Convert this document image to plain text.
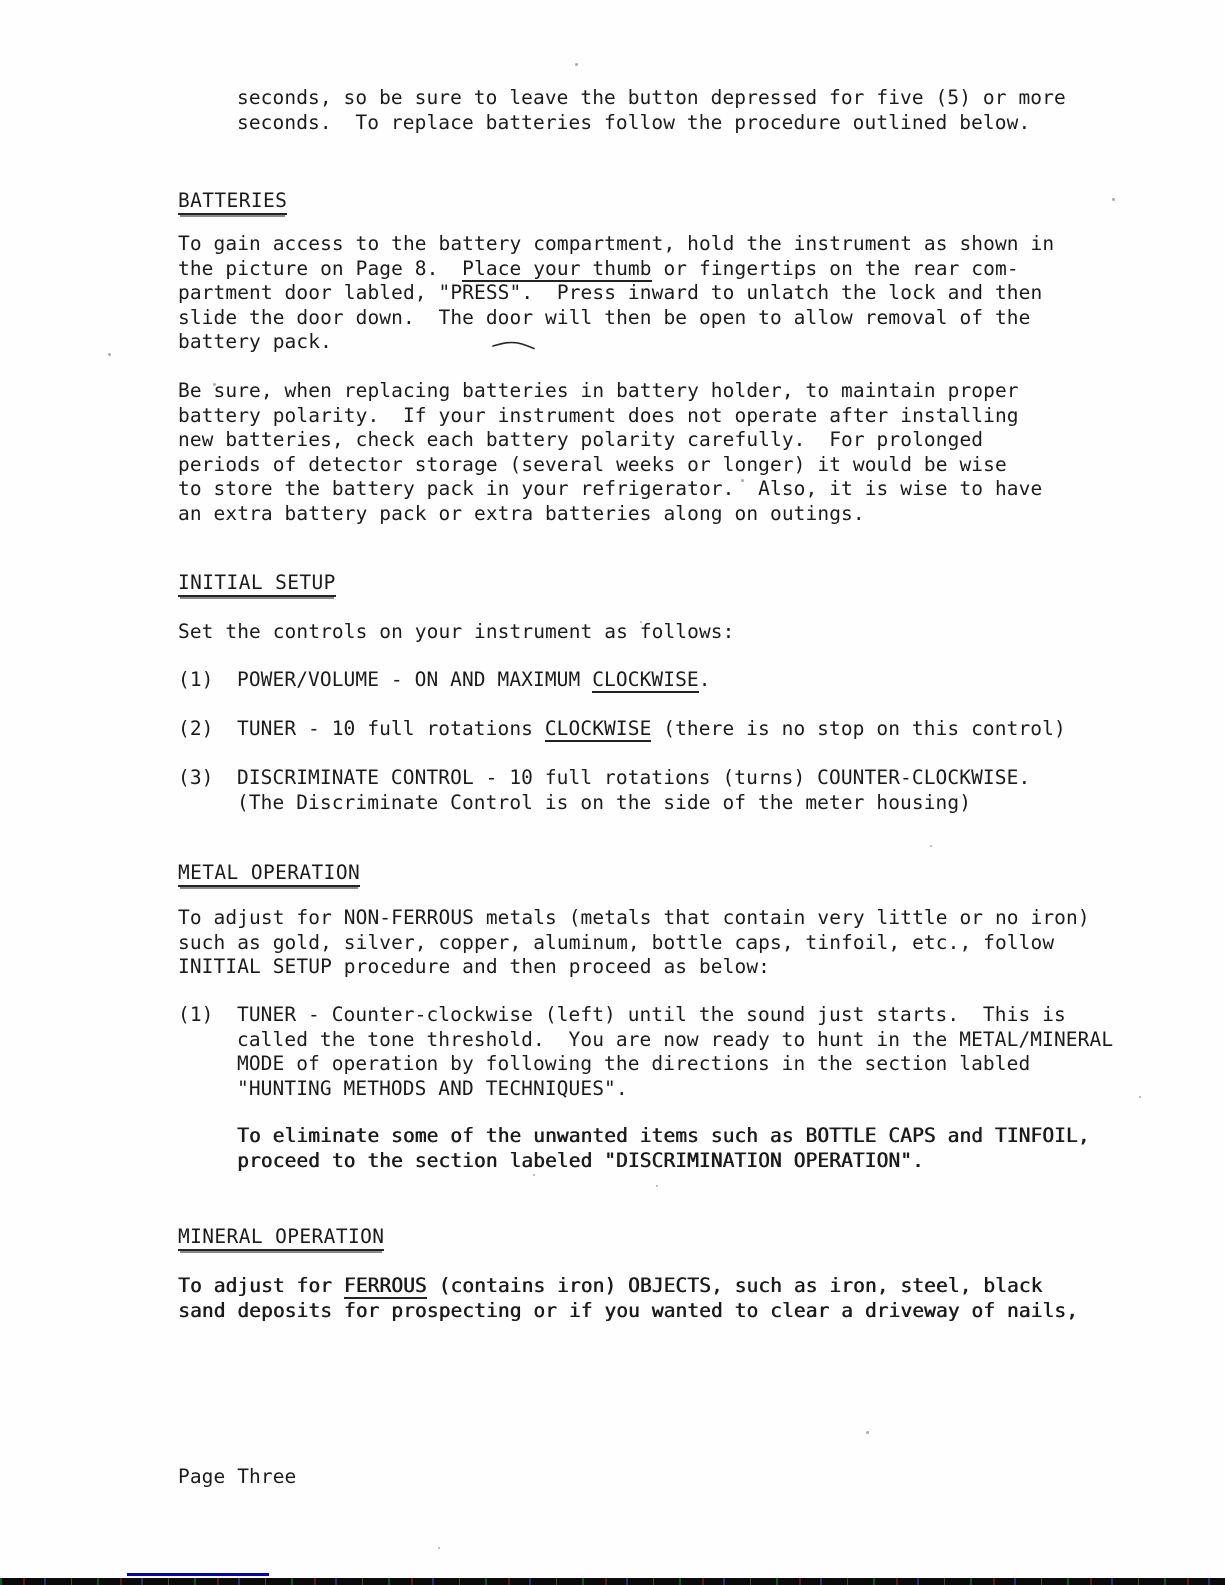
seconds, so be sure to leave the button depressed for five (5) or more
seconds.  To replace batteries follow the procedure outlined below.
BATTERIES
To gain access to the battery compartment, hold the instrument as shown in
the picture on Page 8.  Place your thumb or fingertips on the rear com-
partment door labled, "PRESS".  Press inward to unlatch the lock and then
slide the door down.  The door will then be open to allow removal of the
battery pack.
Be sure, when replacing batteries in battery holder, to maintain proper
battery polarity.  If your instrument does not operate after installing
new batteries, check each battery polarity carefully.  For prolonged
periods of detector storage (several weeks or longer) it would be wise
to store the battery pack in your refrigerator.  Also, it is wise to have
an extra battery pack or extra batteries along on outings.
INITIAL SETUP
Set the controls on your instrument as follows:
(1) POWER/VOLUME - ON AND MAXIMUM CLOCKWISE.
(2) TUNER - 10 full rotations CLOCKWISE (there is no stop on this control)
(3) DISCRIMINATE CONTROL - 10 full rotations (turns) COUNTER-CLOCKWISE.
(The Discriminate Control is on the side of the meter housing)
METAL OPERATION
To adjust for NON-FERROUS metals (metals that contain very little or no iron)
such as gold, silver, copper, aluminum, bottle caps, tinfoil, etc., follow
INITIAL SETUP procedure and then proceed as below:
(1) TUNER - Counter-clockwise (left) until the sound just starts.  This is
called the tone threshold.  You are now ready to hunt in the METAL/MINERAL
MODE of operation by following the directions in the section labled
"HUNTING METHODS AND TECHNIQUES".
To eliminate some of the unwanted items such as BOTTLE CAPS and TINFOIL,
proceed to the section labeled "DISCRIMINATION OPERATION".
MINERAL OPERATION
To adjust for FERROUS (contains iron) OBJECTS, such as iron, steel, black
sand deposits for prospecting or if you wanted to clear a driveway of nails,
Page Three
